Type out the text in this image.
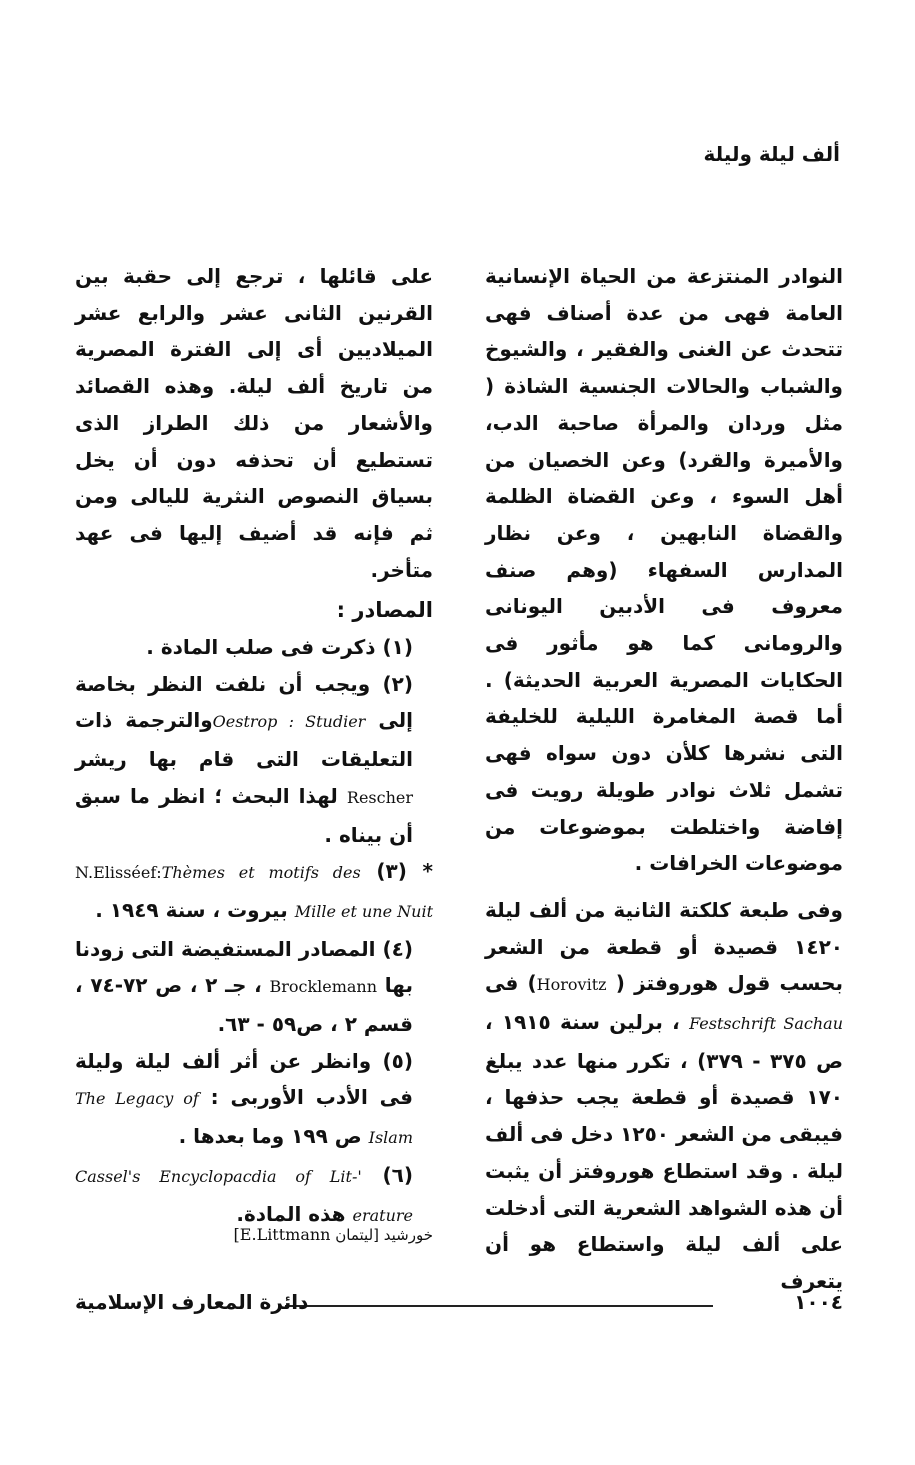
ألف ليلة وليلة

النوادر المنتزعة من الحياة الإنسانية العامة فهى من عدة أصناف فهى تتحدث عن الغنى والفقير ، والشيوخ والشباب والحالات الجنسية الشاذة ( مثل وردان والمرأة صاحبة الدب، والأميرة والقرد) وعن الخصيان من أهل السوء ، وعن القضاة الظلمة والقضاة النابهين ، وعن نظار المدارس السفهاء (وهم صنف معروف فى الأدبين اليونانى والرومانى كما هو مأثور فى الحكايات المصرية العربية الحديثة) . أما قصة المغامرة الليلية للخليفة التى نشرها كلأن دون سواه فهى تشمل ثلاث نوادر طويلة رويت فى إفاضة واختلطت بموضوعات من موضوعات الخرافات .

وفى طبعة كلكتة الثانية من ألف ليلة ١٤٢٠ قصيدة أو قطعة من الشعر بحسب قول هوروفتز ( Horovitz) فى Festschrift Sachau ، برلين سنة ١٩١٥ ، ص ٣٧٥ - ٣٧٩) ، تكرر منها عدد يبلغ ١٧٠ قصيدة أو قطعة يجب حذفها ، فيبقى من الشعر ١٢٥٠ دخل فى ألف ليلة . وقد استطاع هوروفتز أن يثبت أن هذه الشواهد الشعرية التى أدخلت على ألف ليلة واستطاع هو أن يتعرف

على قائلها ، ترجع إلى حقبة بين القرنين الثانى عشر والرابع عشر الميلاديين أى إلى الفترة المصرية من تاريخ ألف ليلة. وهذه القصائد والأشعار من ذلك الطراز الذى تستطيع أن تحذفه دون أن يخل بسياق النصوص النثرية لليالى ومن ثم فإنه قد أضيف إليها فى عهد متأخر.

المصادر :

(١) ذكرت فى صلب المادة .

(٢) ويجب أن نلفت النظر بخاصة إلى Oestrop : Studierوالترجمة ذات التعليقات التى قام بها ريشر Rescher لهذا البحث ؛ انظر ما سبق أن بيناه .

* (٣) N.Elisséef:Thèmes et motifs des Mille et une Nuit بيروت ، سنة ١٩٤٩ .

(٤) المصادر المستفيضة التى زودنا بها Brocklemann ، جـ ٢ ، ص ٧٢-٧٤ ، قسم ٢ ، ص٥٩ - ٦٣.

(٥) وانظر عن أثر ألف ليلة وليلة فى الأدب الأوربى : The Legacy of Islam ص ١٩٩ وما بعدها .

(٦) 'Cassel's Encyclopacdia of Lit- erature هذه المادة.

خورشيد [ليتمان E.Littmann]
١٠٠٤
دائرة المعارف الإسلامية
